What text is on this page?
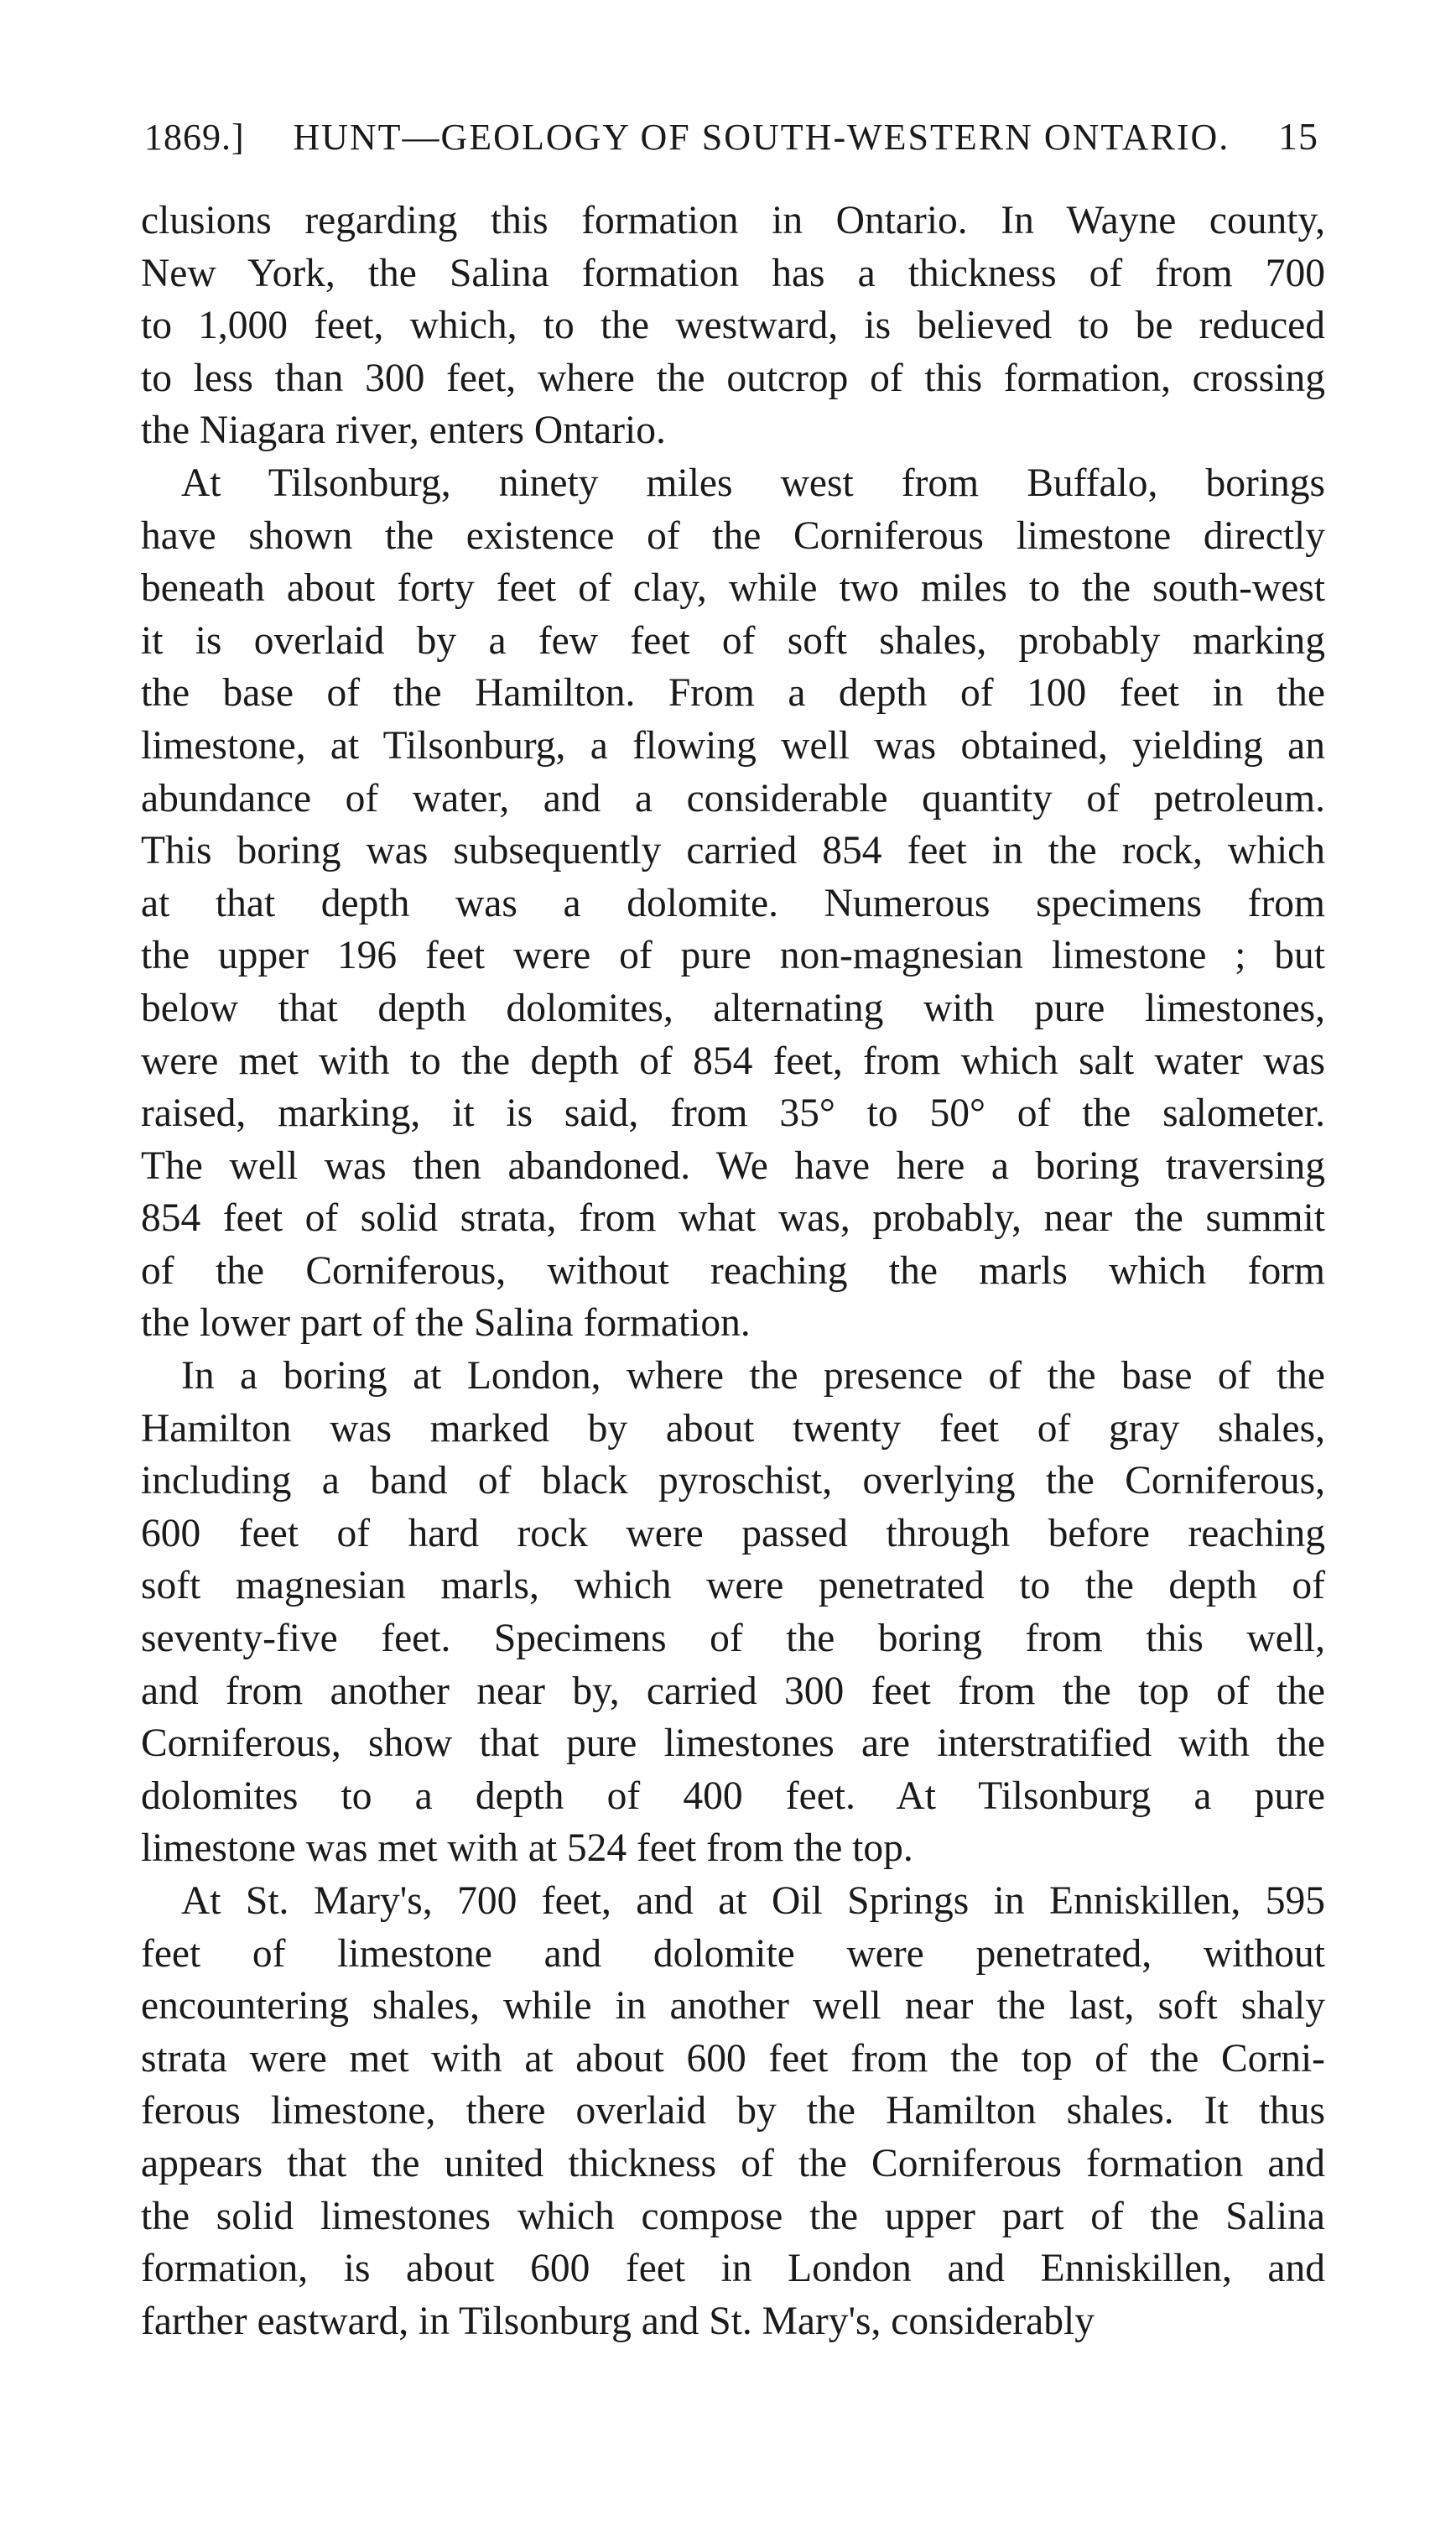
1869.] HUNT—GEOLOGY OF SOUTH-WESTERN ONTARIO. 15

clusions regarding this formation in Ontario. In Wayne county,
New York, the Salina formation has a thickness of from 700
to 1,000 feet, which, to the westward, is believed to be reduced
to less than 300 feet, where the outcrop of this formation, crossing
the Niagara river, enters Ontario.

At Tilsonburg, ninety miles west from Buffalo, borings
have shown the existence of the Corniferous limestone directly
beneath about forty feet of clay, while two miles to the south-west
it is overlaid by a few feet of soft shales, probably marking
the base of the Hamilton. From a depth of 100 feet in the
limestone, at Tilsonburg, a flowing well was obtained, yielding an
abundance of water, and a considerable quantity of petroleum.
This boring was subsequently carried 854 feet in the rock, which
at that depth was a dolomite. Numerous specimens from
the upper 196 feet were of pure non-magnesian limestone ; but
below that depth dolomites, alternating with pure limestones,
were met with to the depth of 854 feet, from which salt water was
raised, marking, it is said, from 35° to 50° of the salometer.
The well was then abandoned. We have here a boring traversing
854 feet of solid strata, from what was, probably, near the summit
of the Corniferous, without reaching the marls which form
the lower part of the Salina formation.

In a boring at London, where the presence of the base of the
Hamilton was marked by about twenty feet of gray shales,
including a band of black pyroschist, overlying the Corniferous,
600 feet of hard rock were passed through before reaching
soft magnesian marls, which were penetrated to the depth of
seventy-five feet. Specimens of the boring from this well,
and from another near by, carried 300 feet from the top of the
Corniferous, show that pure limestones are interstratified with the
dolomites to a depth of 400 feet. At Tilsonburg a pure
limestone was met with at 524 feet from the top.

At St. Mary's, 700 feet, and at Oil Springs in Enniskillen, 595
feet of limestone and dolomite were penetrated, without
encountering shales, while in another well near the last, soft shaly
strata were met with at about 600 feet from the top of the Corni-
ferous limestone, there overlaid by the Hamilton shales. It thus
appears that the united thickness of the Corniferous formation and
the solid limestones which compose the upper part of the Salina
formation, is about 600 feet in London and Enniskillen, and
farther eastward, in Tilsonburg and St. Mary's, considerably
